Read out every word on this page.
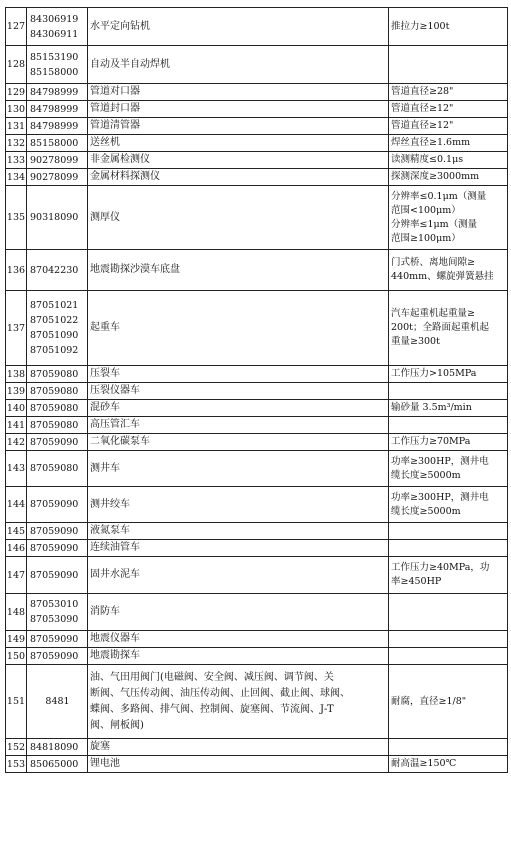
127	84306919
84306911	水平定向钻机	推拉力≥100t

128	85153190
85158000	自动及半自动焊机	

129	84798999	管道对口器	管道直径≥28"

130	84798999	管道封口器	管道直径≥12"

131	84798999	管道清管器	管道直径≥12"

132	85158000	送丝机	焊丝直径≥1.6mm

133	90278099	非金属检测仪	读测精度≤0.1μs

134	90278099	金属材料探测仪	探测深度≥3000mm

135	90318090	测厚仪	分辨率≤0.1μm（测量
范围<100μm）
分辨率≤1μm（测量
范围≥100μm）

136	87042230	地震勘探沙漠车底盘	门式桥、离地间隙≥
440mm、螺旋弹簧悬挂

137	87051021
87051022
87051090
87051092	起重车	汽车起重机起重量≥
200t；全路面起重机起
重量≥300t

138	87059080	压裂车	工作压力>105MPa

139	87059080	压裂仪器车	

140	87059080	混砂车	输砂量 3.5m³/min

141	87059080	高压管汇车	

142	87059090	二氧化碳泵车	工作压力≥70MPa

143	87059080	测井车	功率≥300HP，测井电
缆长度≥5000m

144	87059090	测井绞车	功率≥300HP，测井电
缆长度≥5000m

145	87059090	液氮泵车	

146	87059090	连续油管车	

147	87059090	固井水泥车	工作压力≥40MPa，功
率≥450HP

148	87053010
87053090	消防车	

149	87059090	地震仪器车	

150	87059090	地震勘探车	

151	8481	油、气田用阀门(电磁阀、安全阀、减压阀、调节阀、关
断阀、气压传动阀、油压传动阀、止回阀、截止阀、球阀、
蝶阀、多路阀、排气阀、控制阀、旋塞阀、节流阀、J-T
阀、闸板阀)	耐腐，直径≥1/8"

152	84818090	旋塞	

153	85065000	锂电池	耐高温≥150℃
